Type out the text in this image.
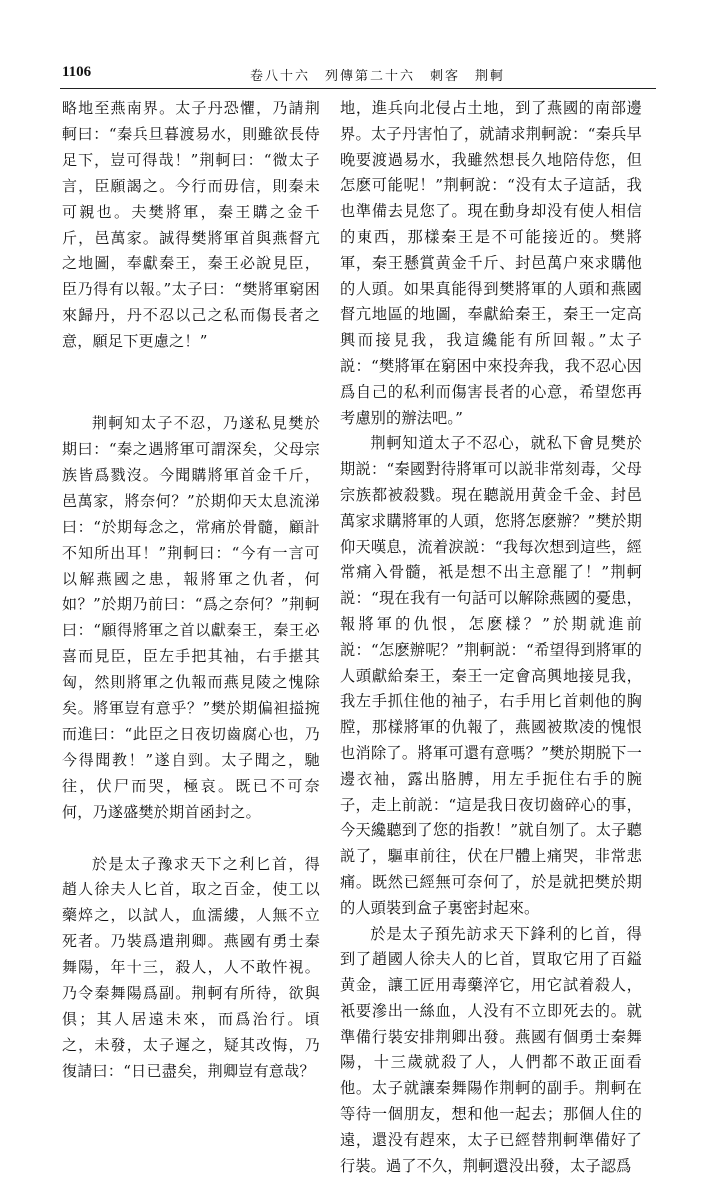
1106	卷八十六　列傳第二十六　刺客　荆軻

略地至燕南界。太子丹恐懼，乃請荆軻曰：“秦兵旦暮渡易水，則雖欲長侍足下，豈可得哉！”荆軻曰：“微太子言，臣願謁之。今行而毋信，則秦未可親也。夫樊將軍，秦王購之金千斤，邑萬家。誠得樊將軍首與燕督亢之地圖，奉獻秦王，秦王必說見臣，臣乃得有以報。”太子曰：“樊將軍窮困來歸丹，丹不忍以己之私而傷長者之意，願足下更慮之！”

荆軻知太子不忍，乃遂私見樊於期曰：“秦之遇將軍可謂深矣，父母宗族皆爲戮沒。今聞購將軍首金千斤，邑萬家，將奈何？”於期仰天太息流涕曰：“於期每念之，常痛於骨髓，顧計不知所出耳！”荆軻曰：“今有一言可以解燕國之患，報將軍之仇者，何如？”於期乃前曰：“爲之奈何？”荆軻曰：“願得將軍之首以獻秦王，秦王必喜而見臣，臣左手把其袖，右手揕其匈，然則將軍之仇報而燕見陵之愧除矣。將軍豈有意乎？”樊於期偏袒搤捥而進曰：“此臣之日夜切齒腐心也，乃今得聞教！”遂自剄。太子聞之，馳往，伏尸而哭，極哀。既已不可奈何，乃遂盛樊於期首函封之。

於是太子豫求天下之利匕首，得趙人徐夫人匕首，取之百金，使工以藥焠之，以試人，血濡縷，人無不立死者。乃裝爲遣荆卿。燕國有勇士秦舞陽，年十三，殺人，人不敢忤視。乃令秦舞陽爲副。荆軻有所待，欲與俱；其人居遠未來，而爲治行。頃之，未發，太子遲之，疑其改悔，乃復請曰：“日已盡矣，荆卿豈有意哉？

地，進兵向北侵占土地，到了燕國的南部邊界。太子丹害怕了，就請求荆軻說：“秦兵早晚要渡過易水，我雖然想長久地陪侍您，但怎麽可能呢！”荆軻說：“没有太子這話，我也準備去見您了。現在動身却没有使人相信的東西，那樣秦王是不可能接近的。樊將軍，秦王懸賞黄金千斤、封邑萬户來求購他的人頭。如果真能得到樊將軍的人頭和燕國督亢地區的地圖，奉獻給秦王，秦王一定高興而接見我，我這纔能有所回報。”太子説：“樊將軍在窮困中來投奔我，我不忍心因爲自己的私利而傷害長者的心意，希望您再考慮别的辦法吧。”

荆軻知道太子不忍心，就私下會見樊於期説：“秦國對待將軍可以説非常刻毒，父母宗族都被殺戮。現在聽説用黄金千金、封邑萬家求購將軍的人頭，您將怎麽辦？”樊於期仰天嘆息，流着淚説：“我每次想到這些，經常痛入骨髓，衹是想不出主意罷了！”荆軻説：“現在我有一句話可以解除燕國的憂患，報將軍的仇恨，怎麽樣？”於期就進前説：“怎麽辦呢？”荆軻説：“希望得到將軍的人頭獻給秦王，秦王一定會高興地接見我，我左手抓住他的袖子，右手用匕首刺他的胸膛，那樣將軍的仇報了，燕國被欺凌的愧恨也消除了。將軍可還有意嗎？”樊於期脱下一邊衣袖，露出胳膊，用左手扼住右手的腕子，走上前説：“這是我日夜切齒碎心的事，今天纔聽到了您的指教！”就自刎了。太子聽説了，驅車前往，伏在尸體上痛哭，非常悲痛。既然已經無可奈何了，於是就把樊於期的人頭裝到盒子裏密封起來。

於是太子預先訪求天下鋒利的匕首，得到了趙國人徐夫人的匕首，買取它用了百鎰黄金，讓工匠用毒藥淬它，用它試着殺人，衹要滲出一絲血，人没有不立即死去的。就準備行裝安排荆卿出發。燕國有個勇士秦舞陽，十三歲就殺了人，人們都不敢正面看他。太子就讓秦舞陽作荆軻的副手。荆軻在等待一個朋友，想和他一起去；那個人住的遠，還没有趕來，太子已經替荆軻準備好了行裝。過了不久，荆軻還没出發，太子認爲
